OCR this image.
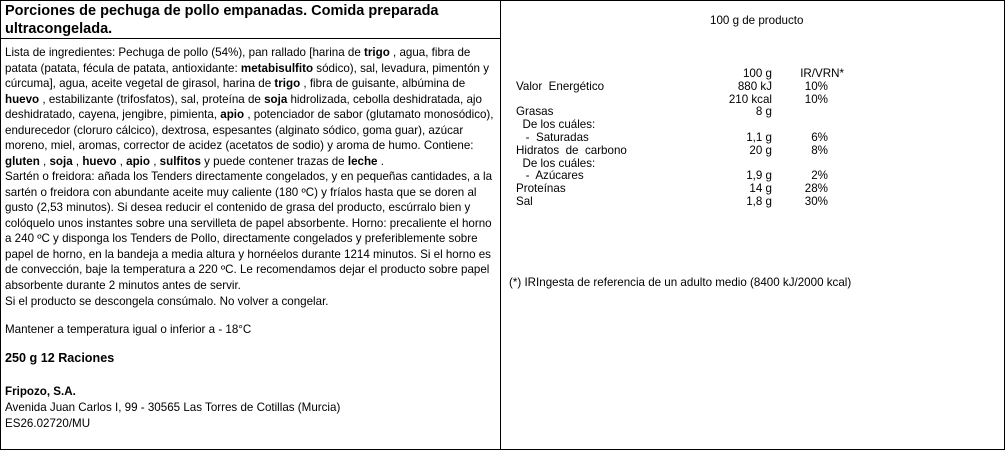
Porciones de pechuga de pollo empanadas. Comida preparada ultracongelada.
Lista de ingredientes: Pechuga de pollo (54%), pan rallado [harina de trigo , agua, fibra de patata (patata, fécula de patata, antioxidante: metabisulfito sódico), sal, levadura, pimentón y cúrcuma], agua, aceite vegetal de girasol, harina de trigo , fibra de guisante, albúmina de huevo , estabilizante (trifosfatos), sal, proteína de soja hidrolizada, cebolla deshidratada, ajo deshidratado, cayena, jengibre, pimienta, apio , potenciador de sabor (glutamato monosódico), endurecedor (cloruro cálcico), dextrosa, espesantes (alginato sódico, goma guar), azúcar moreno, miel, aromas, corrector de acidez (acetatos de sodio) y aroma de humo. Contiene: gluten , soja , huevo , apio , sulfitos y puede contener trazas de leche .
Sartén o freidora: añada los Tenders directamente congelados, y en pequeñas cantidades, a la sartén o freidora con abundante aceite muy caliente (180 ºC) y fríalos hasta que se doren al gusto (2,53 minutos). Si desea reducir el contenido de grasa del producto, escúrralo bien y colóquelo unos instantes sobre una servilleta de papel absorbente. Horno: precaliente el horno a 240 ºC y disponga los Tenders de Pollo, directamente congelados y preferiblemente sobre papel de horno, en la bandeja a media altura y hornéelos durante 1214 minutos. Si el horno es de convección, baje la temperatura a 220 ºC. Le recomendamos dejar el producto sobre papel absorbente durante 2 minutos antes de servir.
Si el producto se descongela consúmalo. No volver a congelar.
Mantener a temperatura igual o inferior a - 18°C
250 g 12 Raciones
Fripozo, S.A.
Avenida Juan Carlos I, 99 - 30565 Las Torres de Cotillas (Murcia)
ES26.02720/MU
100 g de producto
100 g	IR/VRN*
Valor  Energético	880 kJ	10%
210 kcal	10%
Grasas	8 g
De los cuáles:
-  Saturadas	1,1 g	6%
Hidratos  de  carbono	20 g	8%
De los cuáles:
-  Azúcares	1,9 g	2%
Proteínas	14 g	28%
Sal	1,8 g	30%
(*) IRIngesta de referencia de un adulto medio (8400 kJ/2000 kcal)
